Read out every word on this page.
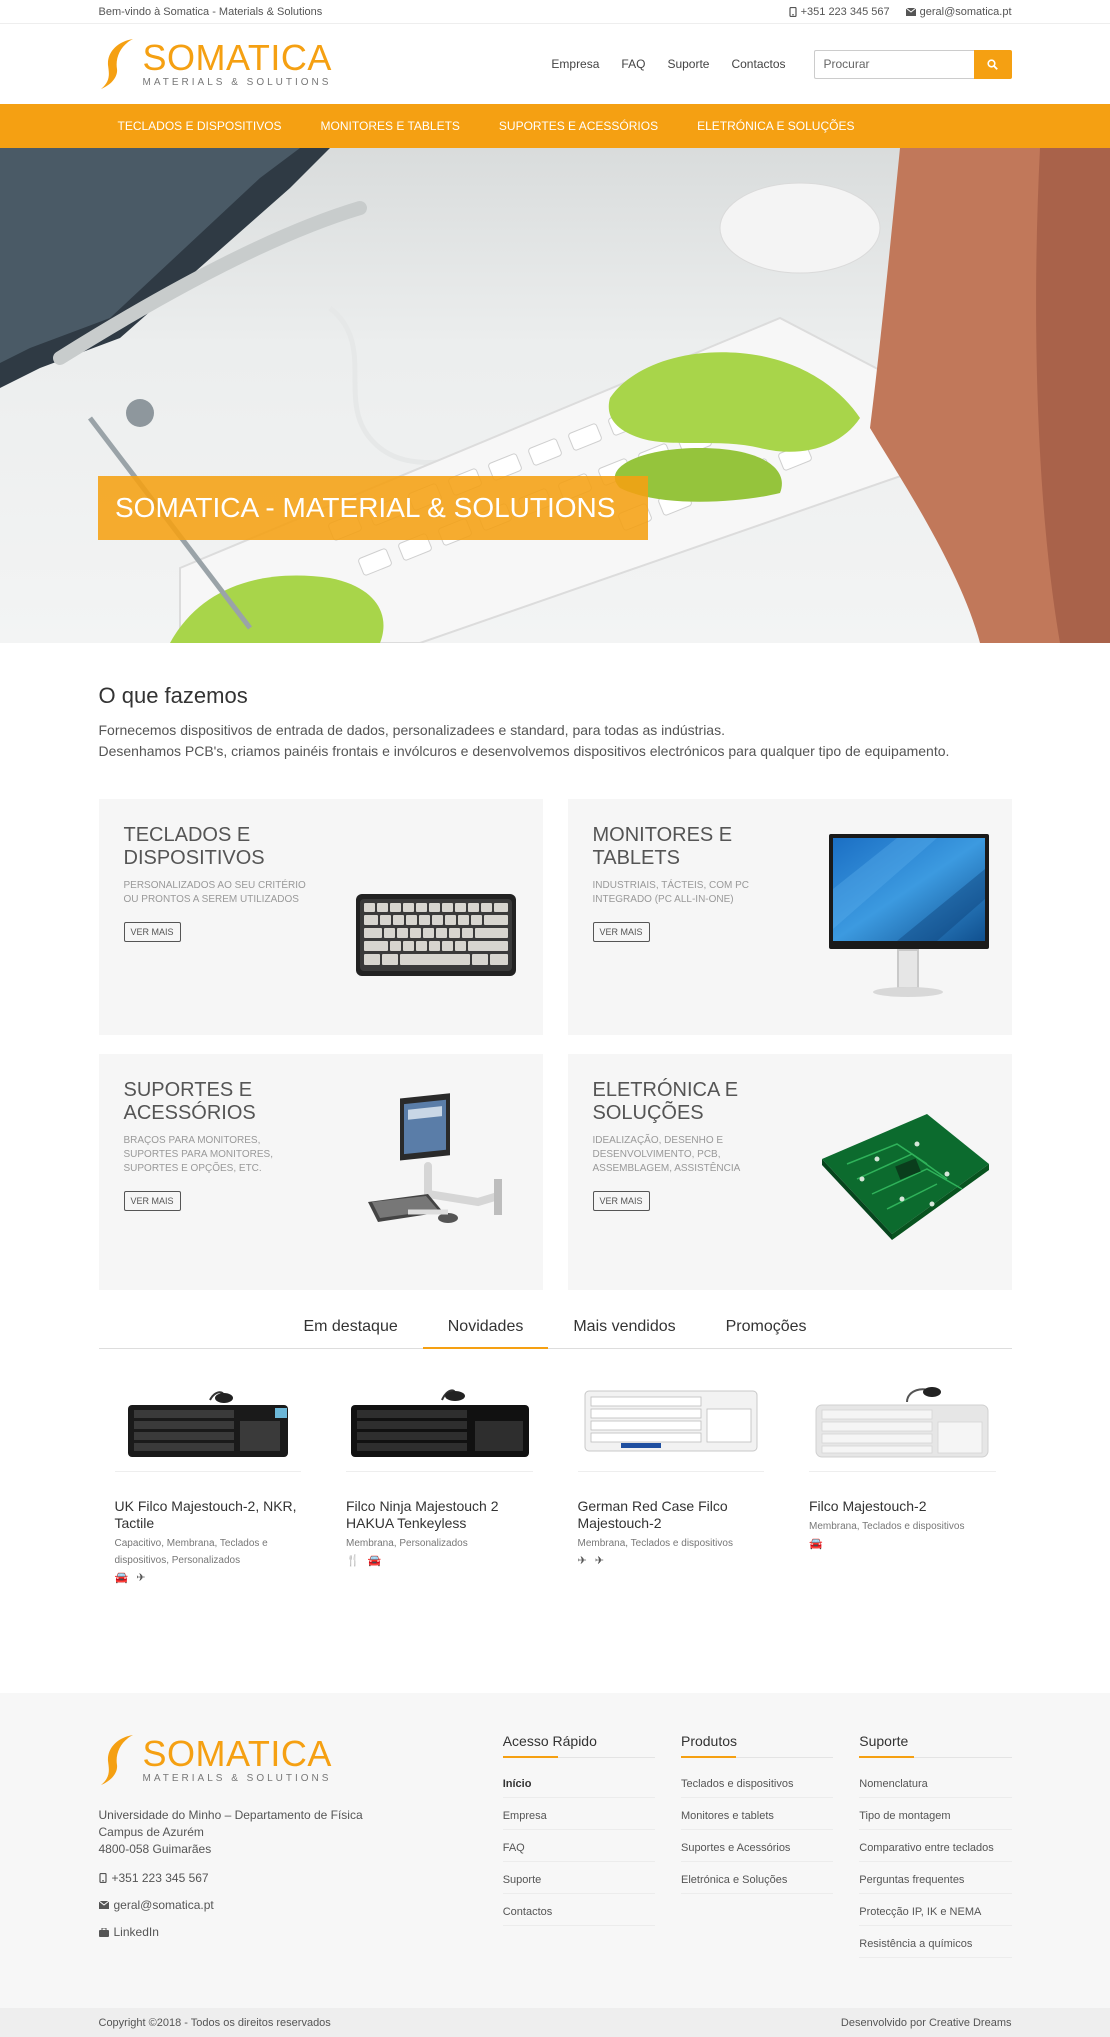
Bem-vindo à Somatica - Materials & Solutions	+351 223 345 567	geral@somatica.pt
SOMATICA
MATERIALS & SOLUTIONS
Empresa FAQ Suporte Contactos
Procurar
TECLADOS E DISPOSITIVOS	MONITORES E TABLETS	SUPORTES E ACESSÓRIOS	ELETRÓNICA E SOLUÇÕES
SOMATICA - MATERIAL & SOLUTIONS
O que fazemos

Fornecemos dispositivos de entrada de dados, personalizadees e standard, para todas as indústrias.

Desenhamos PCB's, criamos painéis frontais e invólcuros e desenvolvemos dispositivos electrónicos para qualquer tipo de equipamento.

TECLADOS E DISPOSITIVOS
PERSONALIZADOS AO SEU CRITÉRIO OU PRONTOS A SEREM UTILIZADOS
VER MAIS
MONITORES E TABLETS
INDUSTRIAIS, TÁCTEIS, COM PC INTEGRADO (PC ALL-IN-ONE)
VER MAIS
SUPORTES E ACESSÓRIOS
BRAÇOS PARA MONITORES, SUPORTES PARA MONITORES, SUPORTES E OPÇÕES, ETC.
VER MAIS
ELETRÓNICA E SOLUÇÕES
IDEALIZAÇÃO, DESENHO E DESENVOLVIMENTO, PCB, ASSEMBLAGEM, ASSISTÊNCIA
VER MAIS
Em destaque	Novidades	Mais vendidos	Promoções
UK Filco Majestouch-2, NKR, Tactile
Capacitivo, Membrana, Teclados e dispositivos, Personalizados
🚘 ✈
Filco Ninja Majestouch 2 HAKUA Tenkeyless
Membrana, Personalizados
🍴 🚘
German Red Case Filco Majestouch-2
Membrana, Teclados e dispositivos
✈ ✈
Filco Majestouch-2
Membrana, Teclados e dispositivos
🚘
SOMATICA
MATERIALS & SOLUTIONS
Universidade do Minho – Departamento de Física
Campus de Azurém
4800-058 Guimarães
+351 223 345 567
geral@somatica.pt
LinkedIn
Acesso Rápido
Início
Empresa
FAQ
Suporte
Contactos
Produtos
Teclados e dispositivos
Monitores e tablets
Suportes e Acessórios
Eletrónica e Soluções
Suporte
Nomenclatura
Tipo de montagem
Comparativo entre teclados
Perguntas frequentes
Protecção IP, IK e NEMA
Resistência a químicos
Copyright ©2018 - Todos os direitos reservados	Desenvolvido por Creative Dreams
